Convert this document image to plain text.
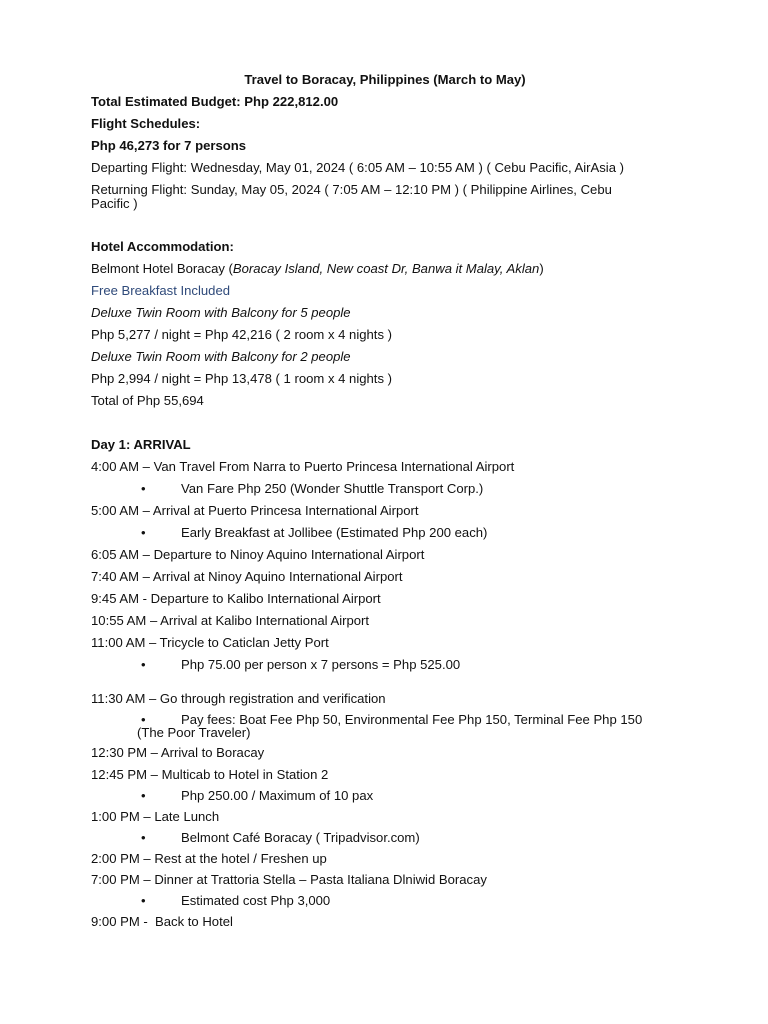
Travel to Boracay, Philippines (March to May)
Total Estimated Budget: Php 222,812.00
Flight Schedules:
Php 46,273 for 7 persons
Departing Flight: Wednesday, May 01, 2024 ( 6:05 AM – 10:55 AM ) ( Cebu Pacific, AirAsia )
Returning Flight: Sunday, May 05, 2024 ( 7:05 AM – 12:10 PM ) ( Philippine Airlines, Cebu
Pacific )
Hotel Accommodation:
Belmont Hotel Boracay (Boracay Island, New coast Dr, Banwa it Malay, Aklan)
Free Breakfast Included
Deluxe Twin Room with Balcony for 5 people
Php 5,277 / night = Php 42,216 ( 2 room x 4 nights )
Deluxe Twin Room with Balcony for 2 people
Php 2,994 / night = Php 13,478 ( 1 room x 4 nights )
Total of Php 55,694
Day 1: ARRIVAL
4:00 AM – Van Travel From Narra to Puerto Princesa International Airport
•	Van Fare Php 250 (Wonder Shuttle Transport Corp.)
5:00 AM – Arrival at Puerto Princesa International Airport
•	Early Breakfast at Jollibee (Estimated Php 200 each)
6:05 AM – Departure to Ninoy Aquino International Airport
7:40 AM – Arrival at Ninoy Aquino International Airport
9:45 AM - Departure to Kalibo International Airport
10:55 AM – Arrival at Kalibo International Airport
11:00 AM – Tricycle to Caticlan Jetty Port
•	Php 75.00 per person x 7 persons = Php 525.00
11:30 AM – Go through registration and verification
•	Pay fees: Boat Fee Php 50, Environmental Fee Php 150, Terminal Fee Php 150
(The Poor Traveler)
12:30 PM – Arrival to Boracay
12:45 PM – Multicab to Hotel in Station 2
•	Php 250.00 / Maximum of 10 pax
1:00 PM – Late Lunch
•	Belmont Café Boracay ( Tripadvisor.com)
2:00 PM – Rest at the hotel / Freshen up
7:00 PM – Dinner at Trattoria Stella – Pasta Italiana Dlniwid Boracay
•	Estimated cost Php 3,000
9:00 PM -  Back to Hotel
